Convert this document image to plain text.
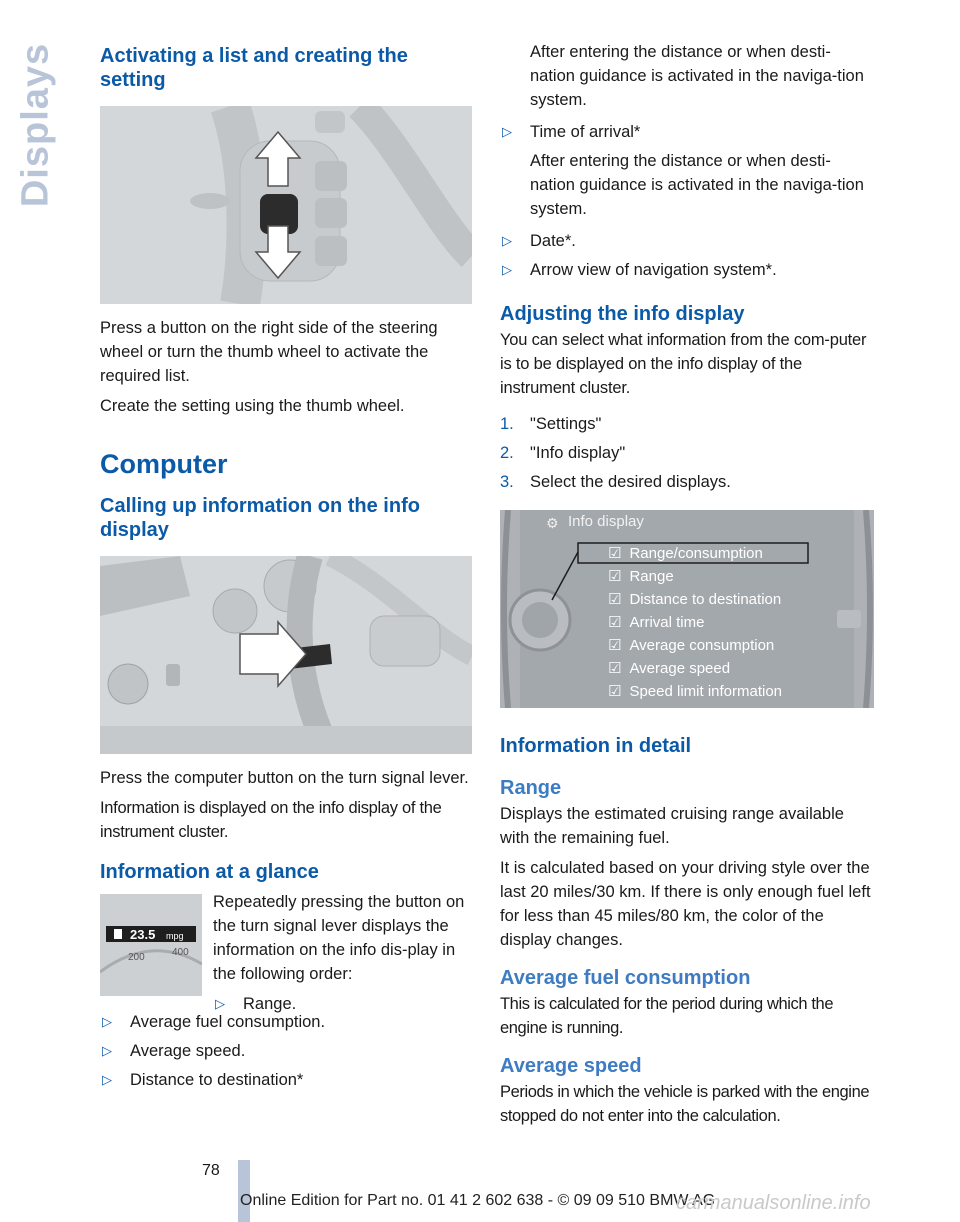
Displays Activating a list and creating the setting

Press a button on the right side of the steering wheel or turn the thumb wheel to activate the required list.

Create the setting using the thumb wheel.

Computer
Calling up information on the info display

Press the computer button on the turn signal lever.

Information is displayed on the info display of the instrument cluster.

Information at a glance
23.5 mpg
200	400

Repeatedly pressing the button on the turn signal lever displays the information on the info dis-play in the following order:

▷ Range.
▷ Average fuel consumption.
▷ Average speed.
▷ Distance to destination*
After entering the distance or when desti-nation guidance is activated in the naviga-tion system.
▷ Time of arrival*
After entering the distance or when desti-nation guidance is activated in the naviga-tion system.
▷ Date*.
▷ Arrow view of navigation system*.
Adjusting the info display

You can select what information from the com-puter is to be displayed on the info display of the instrument cluster.

1. "Settings"
2. "Info display"
3. Select the desired displays.
⚙ Info display
☑ Range/consumption
☑ Range
☑ Distance to destination
☑ Arrival time
☑ Average consumption
☑ Average speed
☑ Speed limit information
Information in detail
Range

Displays the estimated cruising range available with the remaining fuel.

It is calculated based on your driving style over the last 20 miles/30 km. If there is only enough fuel left for less than 45 miles/80 km, the color of the display changes.

Average fuel consumption

This is calculated for the period during which the engine is running.

Average speed

Periods in which the vehicle is parked with the engine stopped do not enter into the calculation.

78
Online Edition for Part no. 01 41 2 602 638 - © 09 09 510 BMW AG
carmanualsonline.info
